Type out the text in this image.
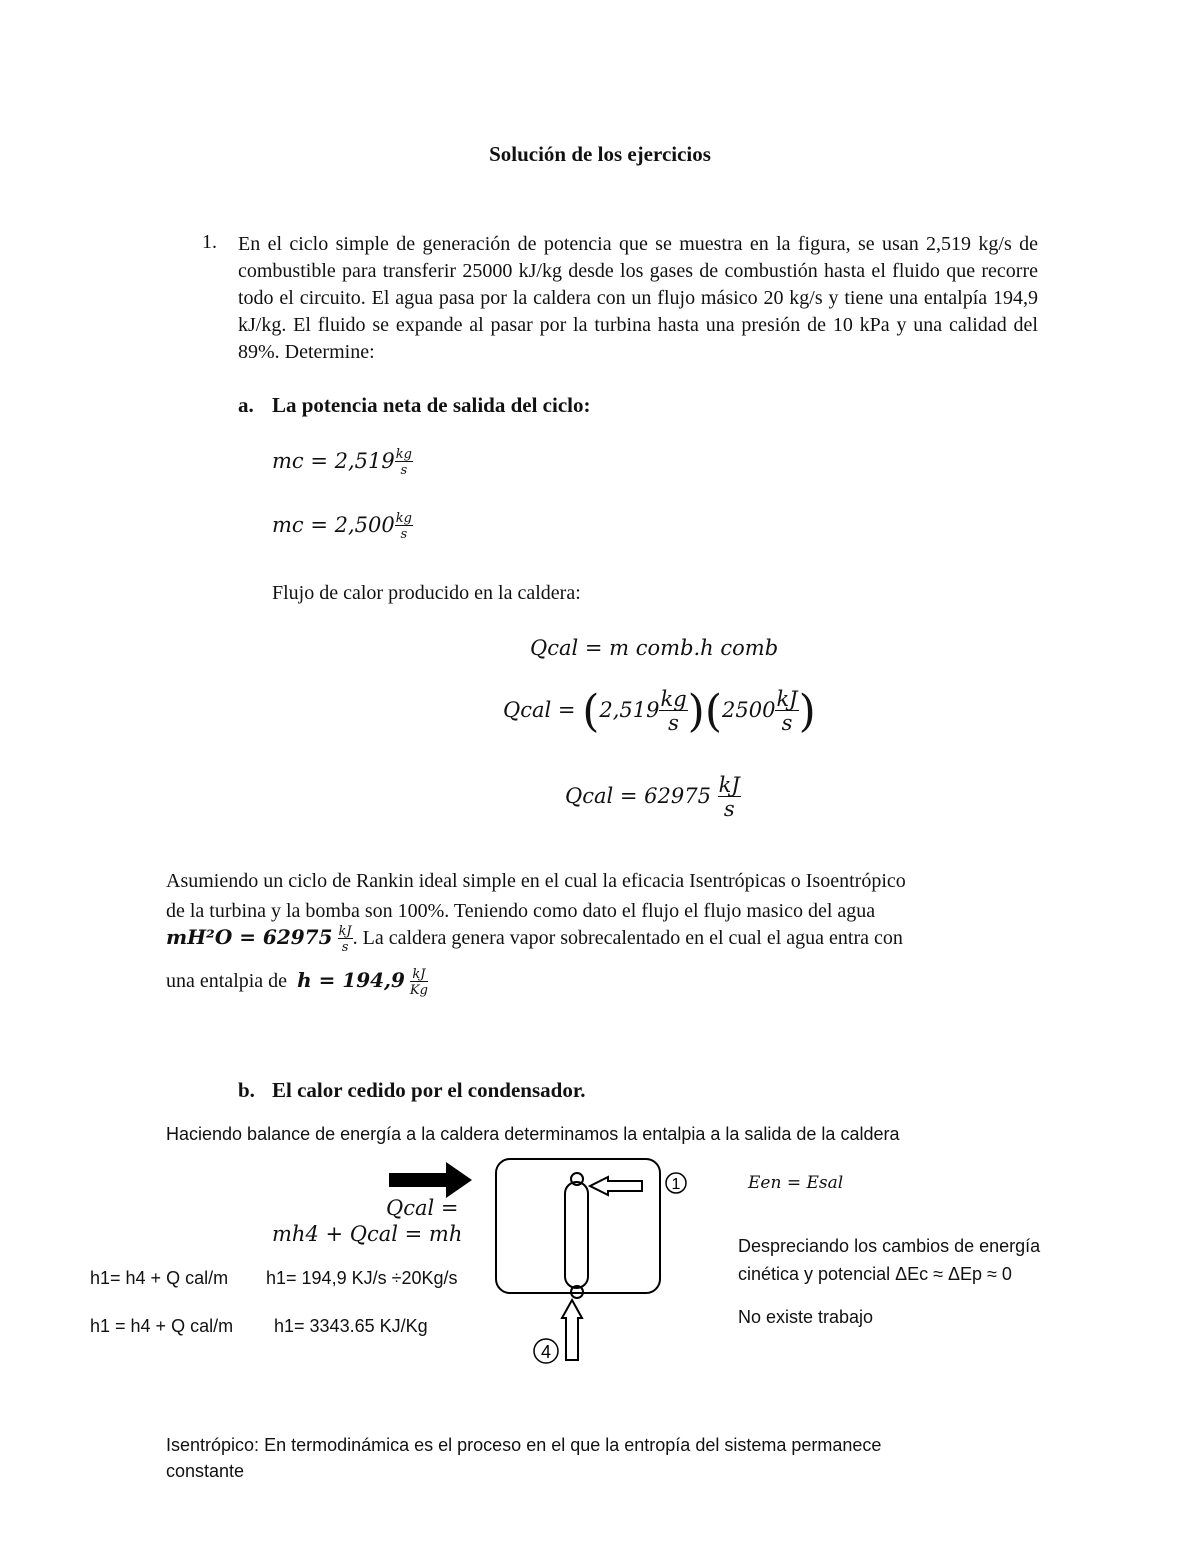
Solución de los ejercicios
1. En el ciclo simple de generación de potencia que se muestra en la figura, se usan 2,519 kg/s de combustible para transferir 25000 kJ/kg desde los gases de combustión hasta el fluido que recorre todo el circuito. El agua pasa por la caldera con un flujo másico 20 kg/s y tiene una entalpía 194,9 kJ/kg. El fluido se expande al pasar por la turbina hasta una presión de 10 kPa y una calidad del 89%. Determine:
a. La potencia neta de salida del ciclo:
mc = $2,519 \frac{kg}{s}$
mc = $2,500 \frac{kg}{s}$
Flujo de calor producido en la caldera:
Qcal = m comb.h comb
Qcal = $(2,519 \frac{kg}{s} )(2500 \frac{kJ}{s}$ )
Qcal = $62975 \frac{kJ}{s}$
Asumiendo un ciclo de Rankin ideal simple en el cual la eficacia Isentrópicas o Isoentrópico
de la turbina y la bomba son 100%. Teniendo como dato el flujo el flujo masico del agua
$mH^2O = 62975 \frac{kJ}{s}$ . La caldera genera vapor sobrecalentado en el cual el agua entra con
una entalpia de $h = 194,9 \frac{kJ}{Kg}$
b. El calor cedido por el condensador.
Haciendo balance de energía a la caldera determinamos la entalpia a la salida de la caldera
Qcal =
mh4 + Qcal = mh
h1= h4 + Q cal/m h1= 194,9 KJ/s ÷20Kg/s
h1 = h4 + Q cal/m h1= 3343.65 KJ/Kg
1
4
Een = Esal
Despreciando los cambios de energía
cinética y potencial ΔEc ≈ ΔEp ≈ 0
No existe trabajo
Isentrópico: En termodinámica es el proceso en el que la entropía del sistema permanece
constante
